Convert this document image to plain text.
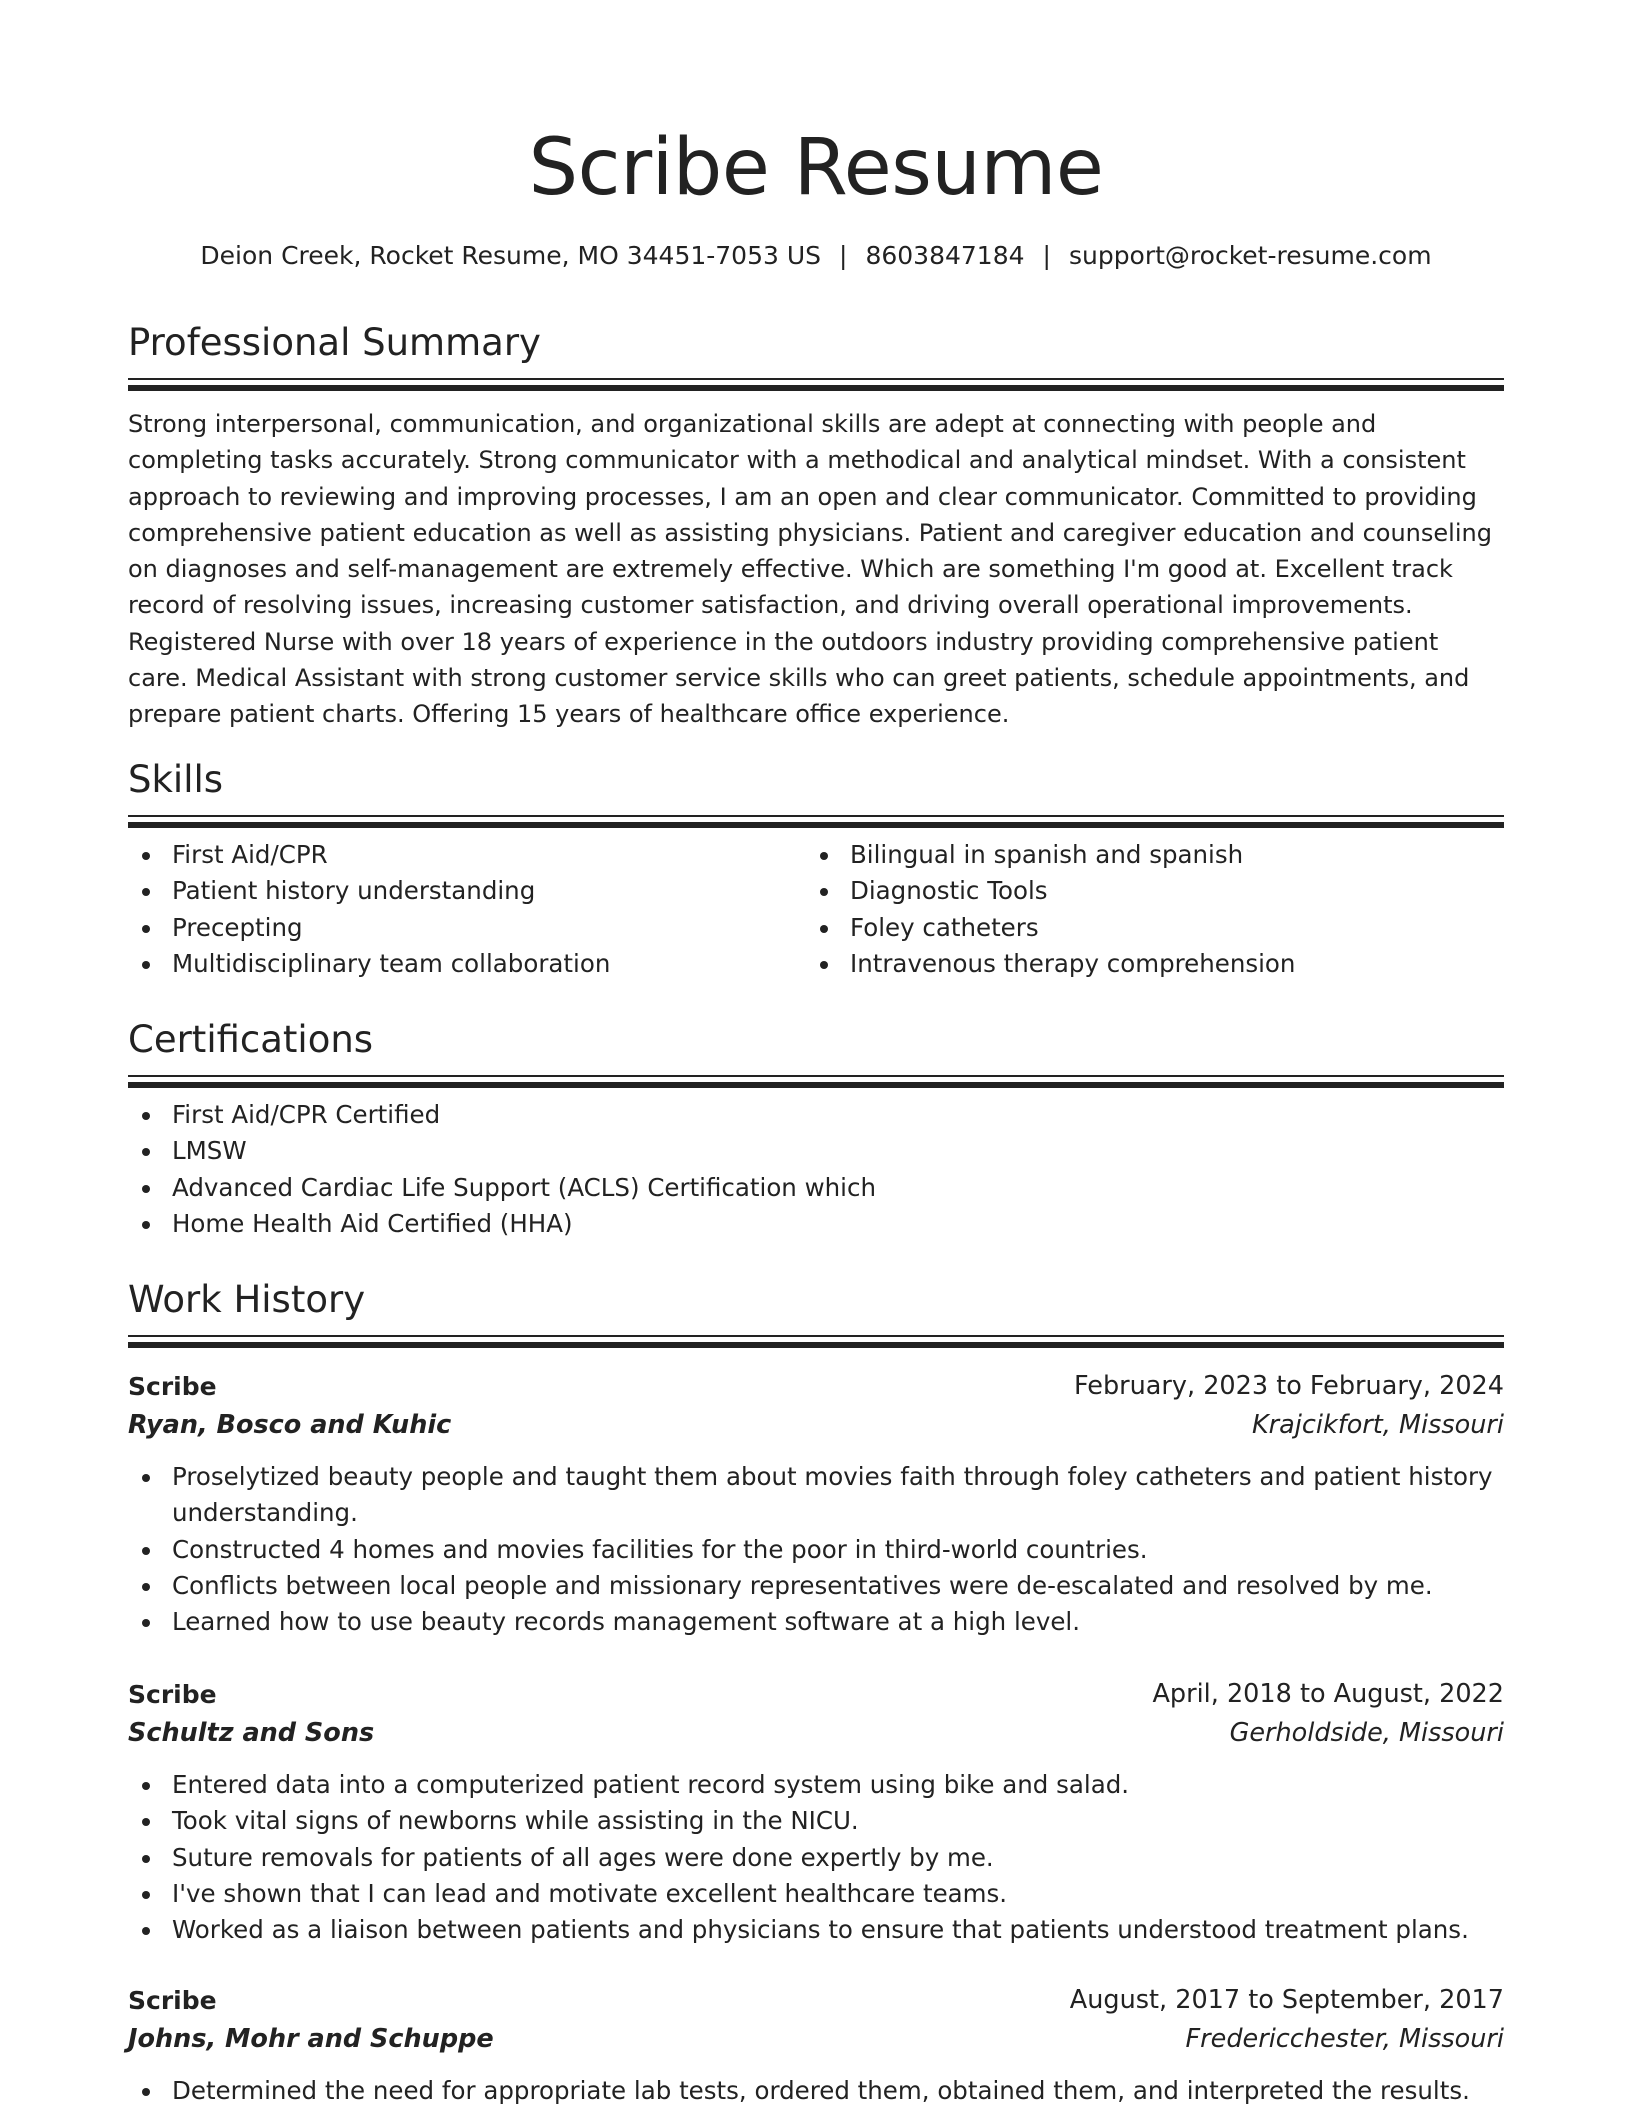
Scribe Resume
Deion Creek, Rocket Resume, MO 34451-7053 US | 8603847184 | support@rocket-resume.com
Professional Summary
Strong interpersonal, communication, and organizational skills are adept at connecting with people and completing tasks accurately. Strong communicator with a methodical and analytical mindset. With a consistent approach to reviewing and improving processes, I am an open and clear communicator. Committed to providing comprehensive patient education as well as assisting physicians. Patient and caregiver education and counseling on diagnoses and self-management are extremely effective. Which are something I'm good at. Excellent track record of resolving issues, increasing customer satisfaction, and driving overall operational improvements. Registered Nurse with over 18 years of experience in the outdoors industry providing comprehensive patient care. Medical Assistant with strong customer service skills who can greet patients, schedule appointments, and prepare patient charts. Offering 15 years of healthcare office experience.
Skills
First Aid/CPR
Patient history understanding
Precepting
Multidisciplinary team collaboration
Bilingual in spanish and spanish
Diagnostic Tools
Foley catheters
Intravenous therapy comprehension
Certifications
First Aid/CPR Certified
LMSW
Advanced Cardiac Life Support (ACLS) Certification which
Home Health Aid Certified (HHA)
Work History
Scribe	February, 2023 to February, 2024
Ryan, Bosco and Kuhic	Krajcikfort, Missouri
Proselytized beauty people and taught them about movies faith through foley catheters and patient history understanding.
Constructed 4 homes and movies facilities for the poor in third-world countries.
Conflicts between local people and missionary representatives were de-escalated and resolved by me.
Learned how to use beauty records management software at a high level.
Scribe	April, 2018 to August, 2022
Schultz and Sons	Gerholdside, Missouri
Entered data into a computerized patient record system using bike and salad.
Took vital signs of newborns while assisting in the NICU.
Suture removals for patients of all ages were done expertly by me.
I've shown that I can lead and motivate excellent healthcare teams.
Worked as a liaison between patients and physicians to ensure that patients understood treatment plans.
Scribe	August, 2017 to September, 2017
Johns, Mohr and Schuppe	Fredericchester, Missouri
Determined the need for appropriate lab tests, ordered them, obtained them, and interpreted the results.
